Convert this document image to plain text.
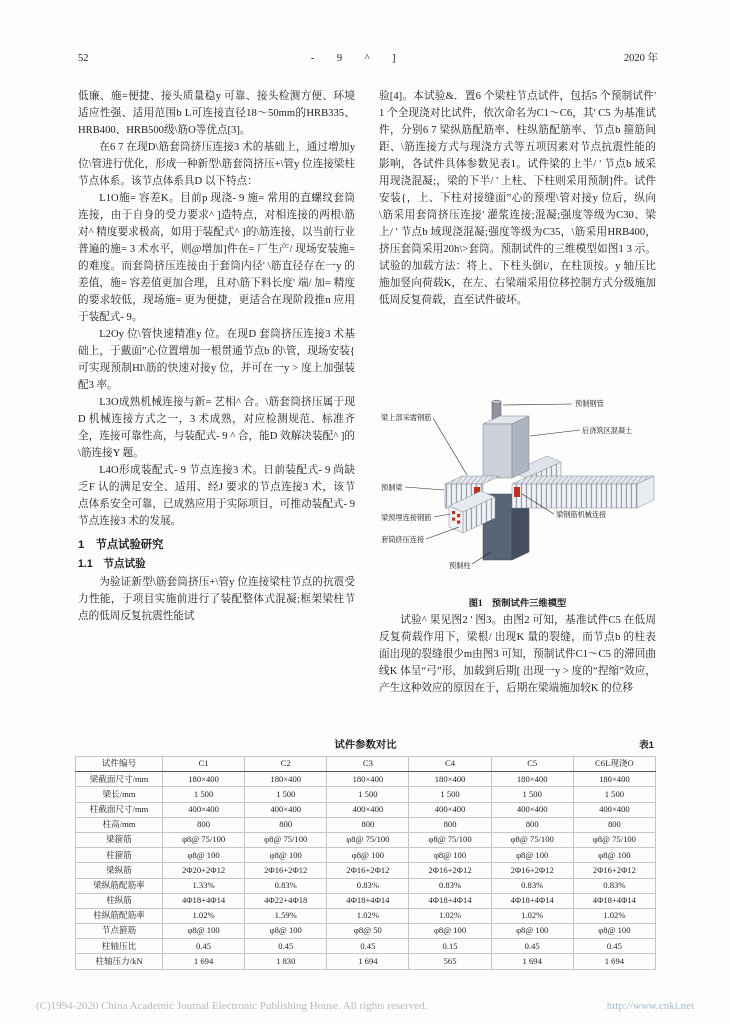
52	-　9　^　]	2020 年

低廉、施=便捷、接头质量稳y 可靠、接头检测方便、环境适应性强、适用范围b L可连接直径18～50mm的HRB335、HRB400、HRB500级\筋O等优点[3]。

在6 7 在现D\筋套筒挤压连接3 术的基础上，通过增加y 位\管进行优化，形成一种新型\筋套筒挤压+\管y 位连接梁柱节点体系。该节点体系具D 以下特点：

L1O施= 容差K。目前p 现浇- 9 施= 常用的直螺纹套筒连接，由于自身的受力要求^ ]造特点，对相连接的两根\筋对^ 精度要求极高，如用于装配式^ ]的\筋连接，以当前行业普遍的施= 3 术水平，则@增加]件在= 厂生产/ 现场安装施= 的难度。而套筒挤压连接由于套筒内径' \筋直径存在一y 的差值，施= 容差值更加合理，且对\筋下料长度' 端/ 加= 精度的要求较低，现场施= 更为便捷，更适合在现阶段推n 应用于装配式- 9。

L2Oy 位\管快速精准y 位。在现D 套筒挤压连接3 术基础上，于戴面”心位置增加一根贯通节点b 的\管，现场安装{ 可实现预制Hl\筋的快速对接y 位，并可在一y > 度上加强装配3 率。

L3O成熟机械连接与新= 艺相^ 合。\筋套筒挤压属于现D 机械连接方式之一，3 术成熟，对应检测规范、标准齐全，连接可靠性高，与装配式- 9 ^ 合，能D 效解决装配^ ]的\筋连接Y 题。

L4O形成装配式- 9 节点连接3 术。日前装配式- 9 尚缺乏F 认的满足安全、适用、经J 要求的节点连接3 术，该节点体系安全可靠，已成熟应用于实际项目，可推动装配式- 9 节点连接3 术的发展。

1　节点试验研究
1.1　节点试验

为验证新型\筋套筒挤压+\管y 位连接梁柱节点的抗震受力性能，于项目实施前进行了装配整体式混凝;框架梁柱节点的低周反复抗震性能试

验[4]。本试验&．置6 个梁柱节点试件，包括5 个预制试件' 1 个全现浇对比试件，依次命名为C1～C6，其' C5 为基准试件，分别6 7 梁纵筋配筋率、柱纵筋配筋率、节点b 箍筋间距、\筋连接方式与现浇方式等五项因素对节点抗震性能的影响，各试件具体参数见表1。试件梁的上半/ ' 节点b 域采用现浇混凝;，梁的下半/ ' 上柱、下柱则采用预制]件。试件安装{，上、下柱对接缝面”心的预埋\管对接y 位后，纵向\筋采用套筒挤压连接' 灌浆连接;混凝;强度等级为C30、梁上/ ' 节点b 域现浇混凝;强度等级为C35，\筋采用HRB400，挤压套筒采用20h\>套筒。预制试件的三维模型如图1 3 示。试验的加载方法：将上、下柱头倒i/，在柱顶按。y 轴压比施加竖向荷载K，在左、右梁端采用位移控制方式分级施加低周反复荷载，直至试件破坏。

梁上部采需钢筋
预制钢管
后浇筑区混凝土
预制梁
梁预埋连接钢筋	梁钢筋机械连接
套筒挤压连接
预制柱
图1　预制试件三维模型

试验^ 果见图2 ' 图3。由图2 可知，基准试件C5 在低周反复荷载作用下，梁根/ 出现K 量的裂缝，而节点b 的柱表面出现的裂缝很少m由图3 可知，预制试件C1～C5 的滞回曲线K 体呈“弓”形，加载到后期[ 出现一y > 度的“捏缩”效应，产生这种效应的原因在于，后期在梁端施加较K 的位移

试件参数对比	表1
试件编号	C1	C2	C3	C4	C5	C6L现浇O
梁截面尺寸/mm	180×400	180×400	180×400	180×400	180×400	180×400
梁长/mm	1 500	1 500	1 500	1 500	1 500	1 500
柱截面尺寸/mm	400×400	400×400	400×400	400×400	400×400	400×400
柱高/mm	800	800	800	800	800	800
梁箍筋	φ8@ 75/100	φ8@ 75/100	φ8@ 75/100	φ8@ 75/100	φ8@ 75/100	φ8@ 75/100
柱箍筋	φ8@ 100	φ8@ 100	φ8@ 100	φ8@ 100	φ8@ 100	φ8@ 100
梁纵筋	2Φ20+2Φ12	2Φ16+2Φ12	2Φ16+2Φ12	2Φ16+2Φ12	2Φ16+2Φ12	2Φ16+2Φ12
梁纵筋配筋率	1.33%	0.83%	0.83%	0.83%	0.83%	0.83%
柱纵筋	4Φ18+4Φ14	4Φ22+4Φ18	4Φ18+4Φ14	4Φ18+4Φ14	4Φ18+4Φ14	4Φ18+4Φ14
柱纵筋配筋率	1.02%	1.59%	1.02%	1.02%	1.02%	1.02%
节点箍筋	φ8@ 100	φ8@ 100	φ8@ 50	φ8@ 100	φ8@ 100	φ8@ 100
柱轴压比	0.45	0.45	0.45	0.15	0.45	0.45
柱轴压力/kN	1 694	1 830	1 694	565	1 694	1 694
(C)1994-2020 China Academic Journal Electronic Publishing House. All rights reserved.	http://www.cnki.net
